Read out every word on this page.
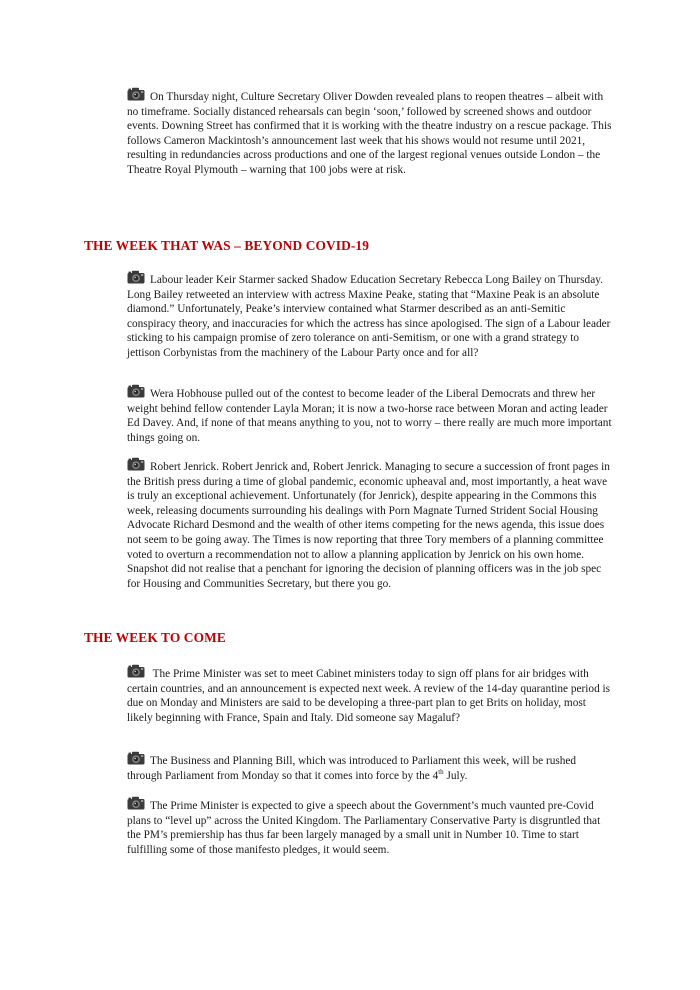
On Thursday night, Culture Secretary Oliver Dowden revealed plans to reopen theatres – albeit with no timeframe. Socially distanced rehearsals can begin ‘soon,’ followed by screened shows and outdoor events. Downing Street has confirmed that it is working with the theatre industry on a rescue package. This follows Cameron Mackintosh’s announcement last week that his shows would not resume until 2021, resulting in redundancies across productions and one of the largest regional venues outside London – the Theatre Royal Plymouth – warning that 100 jobs were at risk.

THE WEEK THAT WAS – BEYOND COVID-19

Labour leader Keir Starmer sacked Shadow Education Secretary Rebecca Long Bailey on Thursday. Long Bailey retweeted an interview with actress Maxine Peake, stating that “Maxine Peak is an absolute diamond.” Unfortunately, Peake’s interview contained what Starmer described as an anti-Semitic conspiracy theory, and inaccuracies for which the actress has since apologised. The sign of a Labour leader sticking to his campaign promise of zero tolerance on anti-Semitism, or one with a grand strategy to jettison Corbynistas from the machinery of the Labour Party once and for all?

Wera Hobhouse pulled out of the contest to become leader of the Liberal Democrats and threw her weight behind fellow contender Layla Moran; it is now a two-horse race between Moran and acting leader Ed Davey. And, if none of that means anything to you, not to worry – there really are much more important things going on.

Robert Jenrick. Robert Jenrick and, Robert Jenrick. Managing to secure a succession of front pages in the British press during a time of global pandemic, economic upheaval and, most importantly, a heat wave is truly an exceptional achievement. Unfortunately (for Jenrick), despite appearing in the Commons this week, releasing documents surrounding his dealings with Porn Magnate Turned Strident Social Housing Advocate Richard Desmond and the wealth of other items competing for the news agenda, this issue does not seem to be going away. The Times is now reporting that three Tory members of a planning committee voted to overturn a recommendation not to allow a planning application by Jenrick on his own home. Snapshot did not realise that a penchant for ignoring the decision of planning officers was in the job spec for Housing and Communities Secretary, but there you go.

THE WEEK TO COME

The Prime Minister was set to meet Cabinet ministers today to sign off plans for air bridges with certain countries, and an announcement is expected next week. A review of the 14-day quarantine period is due on Monday and Ministers are said to be developing a three-part plan to get Brits on holiday, most likely beginning with France, Spain and Italy. Did someone say Magaluf?

The Business and Planning Bill, which was introduced to Parliament this week, will be rushed through Parliament from Monday so that it comes into force by the 4th July.

The Prime Minister is expected to give a speech about the Government’s much vaunted pre-Covid plans to “level up” across the United Kingdom. The Parliamentary Conservative Party is disgruntled that the PM’s premiership has thus far been largely managed by a small unit in Number 10. Time to start fulfilling some of those manifesto pledges, it would seem.
